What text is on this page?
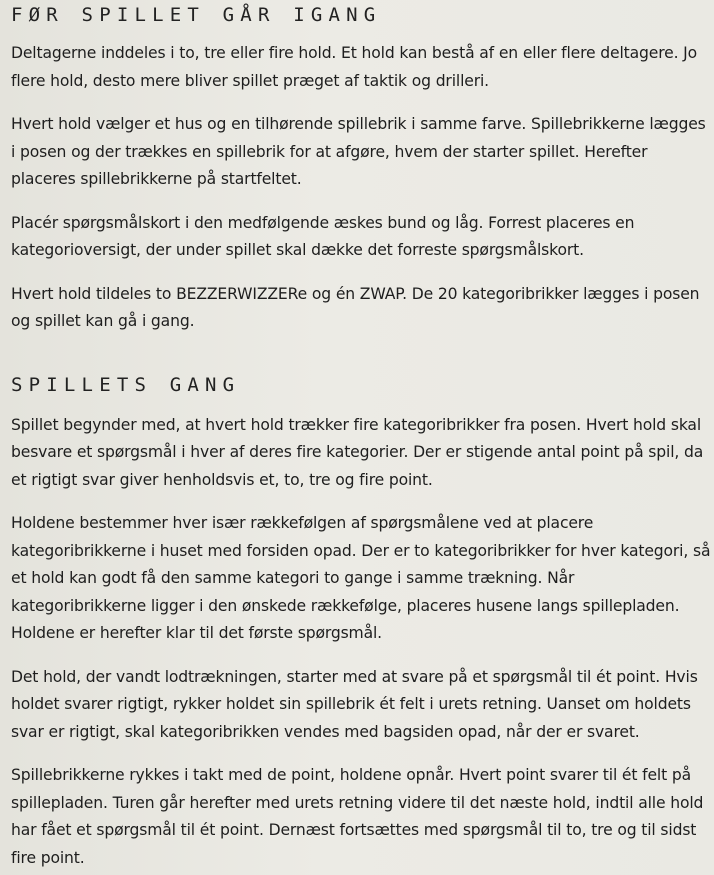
FØR SPILLET GÅR IGANG

Deltagerne inddeles i to, tre eller fire hold. Et hold kan bestå af en eller flere deltagere. Jo flere hold, desto mere bliver spillet præget af taktik og drilleri.

Hvert hold vælger et hus og en tilhørende spillebrik i samme farve. Spillebrikkerne lægges i posen og der trækkes en spillebrik for at afgøre, hvem der starter spillet. Herefter placeres spillebrikkerne på startfeltet.

Placér spørgsmålskort i den medfølgende æskes bund og låg. Forrest placeres en kategorioversigt, der under spillet skal dække det forreste spørgsmålskort.

Hvert hold tildeles to BEZZERWIZZERe og én ZWAP. De 20 kategoribrikker lægges i posen og spillet kan gå i gang.

SPILLETS GANG

Spillet begynder med, at hvert hold trækker fire kategoribrikker fra posen. Hvert hold skal besvare et spørgsmål i hver af deres fire kategorier. Der er stigende antal point på spil, da et rigtigt svar giver henholdsvis et, to, tre og fire point.

Holdene bestemmer hver især rækkefølgen af spørgsmålene ved at placere kategoribrikkerne i huset med forsiden opad. Der er to kategoribrikker for hver kategori, så et hold kan godt få den samme kategori to gange i samme trækning. Når kategoribrikkerne ligger i den ønskede rækkefølge, placeres husene langs spillepladen. Holdene er herefter klar til det første spørgsmål.

Det hold, der vandt lodtrækningen, starter med at svare på et spørgsmål til ét point. Hvis holdet svarer rigtigt, rykker holdet sin spillebrik ét felt i urets retning. Uanset om holdets svar er rigtigt, skal kategoribrikken vendes med bagsiden opad, når der er svaret.

Spillebrikkerne rykkes i takt med de point, holdene opnår. Hvert point svarer til ét felt på spillepladen. Turen går herefter med urets retning videre til det næste hold, indtil alle hold har fået et spørgsmål til ét point. Dernæst fortsættes med spørgsmål til to, tre og til sidst fire point.
